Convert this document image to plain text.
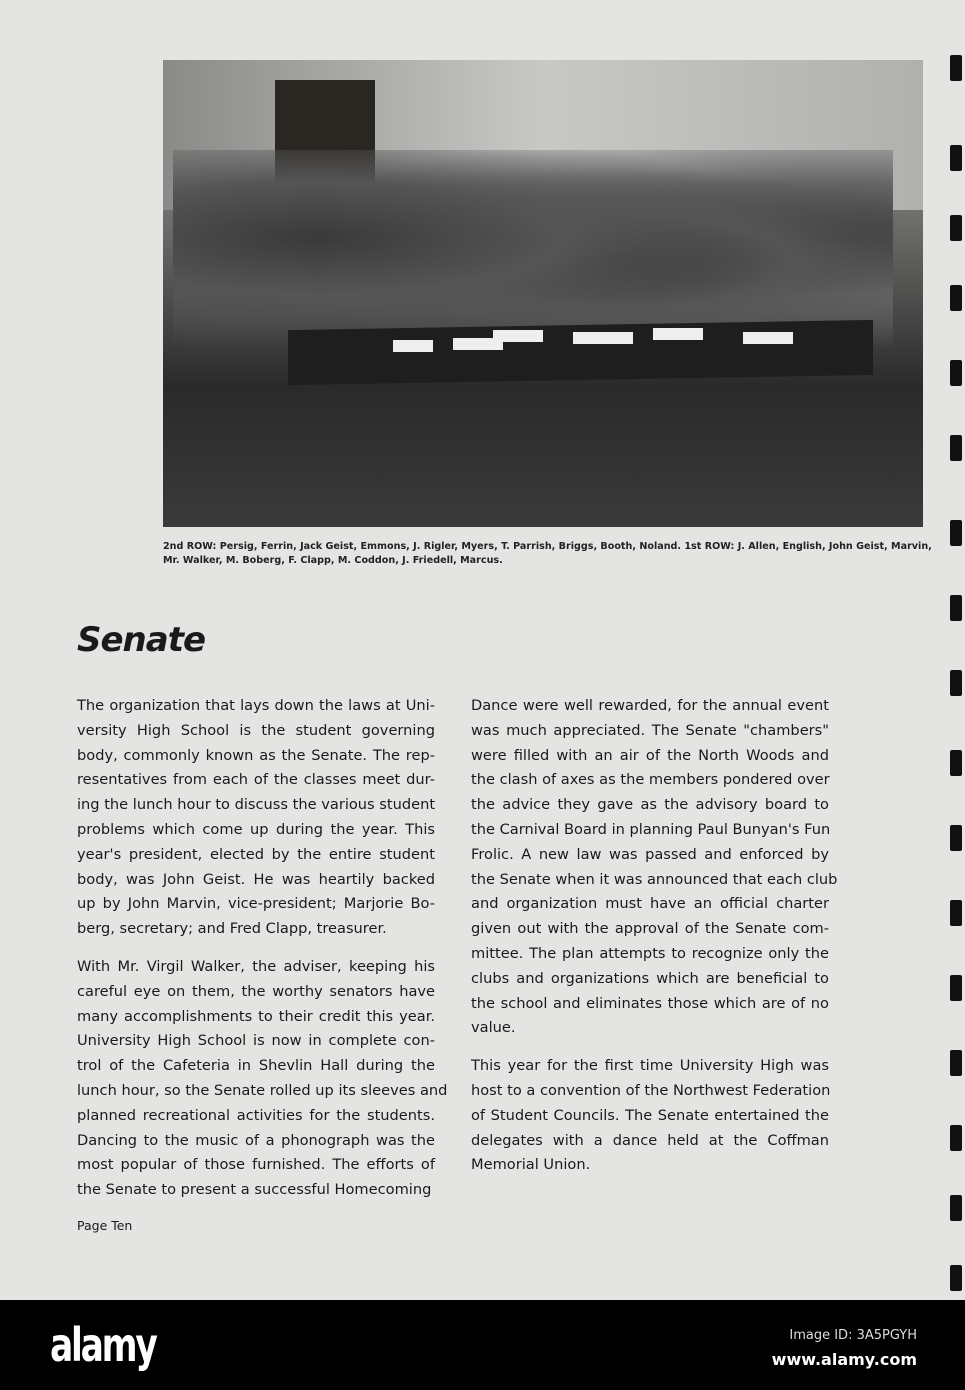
2nd ROW: Persig, Ferrin, Jack Geist, Emmons, J. Rigler, Myers, T. Parrish, Briggs, Booth, Noland. 1st ROW: J. Allen, English, John Geist, Marvin, Mr. Walker, M. Boberg, F. Clapp, M. Coddon, J. Friedell, Marcus.
Senate

The organization that lays down the laws at Uni-
versity High School is the student governing
body, commonly known as the Senate. The rep-
resentatives from each of the classes meet dur-
ing the lunch hour to discuss the various student
problems which come up during the year. This
year's president, elected by the entire student
body, was John Geist. He was heartily backed
up by John Marvin, vice-president; Marjorie Bo-
berg, secretary; and Fred Clapp, treasurer.

With Mr. Virgil Walker, the adviser, keeping his
careful eye on them, the worthy senators have
many accomplishments to their credit this year.
University High School is now in complete con-
trol of the Cafeteria in Shevlin Hall during the
lunch hour, so the Senate rolled up its sleeves and
planned recreational activities for the students.
Dancing to the music of a phonograph was the
most popular of those furnished. The efforts of
the Senate to present a successful Homecoming

Dance were well rewarded, for the annual event
was much appreciated. The Senate "chambers"
were filled with an air of the North Woods and
the clash of axes as the members pondered over
the advice they gave as the advisory board to
the Carnival Board in planning Paul Bunyan's Fun
Frolic. A new law was passed and enforced by
the Senate when it was announced that each club
and organization must have an official charter
given out with the approval of the Senate com-
mittee. The plan attempts to recognize only the
clubs and organizations which are beneficial to
the school and eliminates those which are of no
value.

This year for the first time University High was
host to a convention of the Northwest Federation
of Student Councils. The Senate entertained the
delegates with a dance held at the Coffman
Memorial Union.

Page Ten
alamy	Image ID: 3A5PGYH
www.alamy.com
